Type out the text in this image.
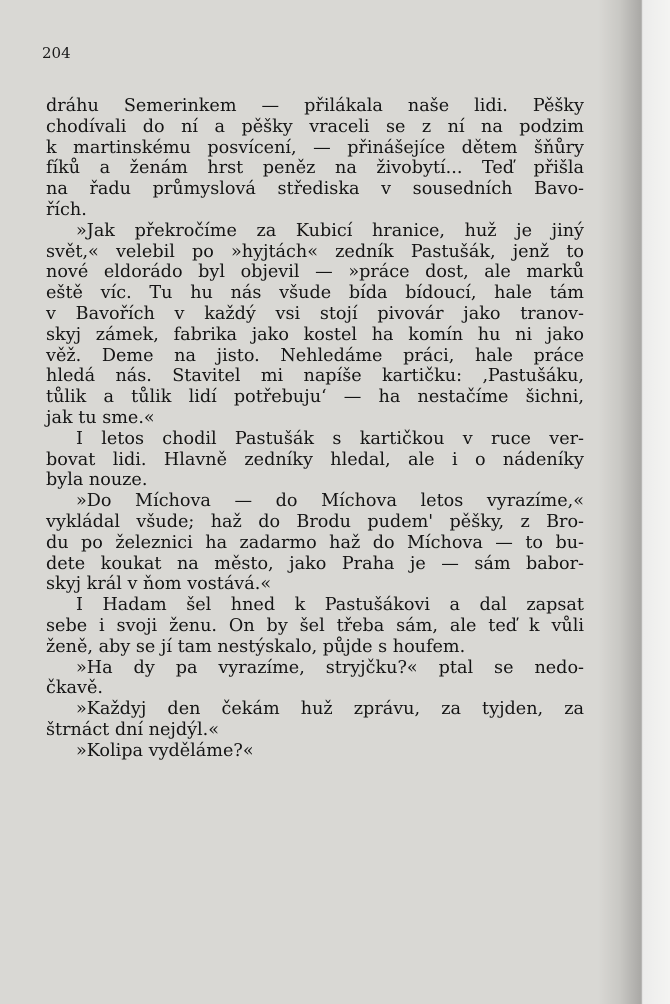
204
dráhu Semerinkem — přilákala naše lidi. Pěšky
chodívali do ní a pěšky vraceli se z ní na podzim
k martinskému posvícení, — přinášejíce dětem šňůry
fíků a ženám hrst peněz na živobytí... Teď přišla
na řadu průmyslová střediska v sousedních Bavo-
řích.
»Jak překročíme za Kubicí hranice, huž je jiný
svět,« velebil po »hyjtách« zedník Pastušák, jenž to
nové eldorádo byl objevil — »práce dost, ale marků
eště víc. Tu hu nás všude bída bídoucí, hale tám
v Bavořích v každý vsi stojí pivovár jako tranov-
skyj zámek, fabrika jako kostel ha komín hu ni jako
věž. Deme na jisto. Nehledáme práci, hale práce
hledá nás. Stavitel mi napíše kartičku: ‚Pastušáku,
tůlik a tůlik lidí potřebuju‘ — ha nestačíme šichni,
jak tu sme.«
I letos chodil Pastušák s kartičkou v ruce ver-
bovat lidi. Hlavně zedníky hledal, ale i o nádeníky
byla nouze.
»Do Míchova — do Míchova letos vyrazíme,«
vykládal všude; haž do Brodu pudem' pěšky, z Bro-
du po železnici ha zadarmo haž do Míchova — to bu-
dete koukat na město, jako Praha je — sám babor-
skyj král v ňom vostává.«
I Hadam šel hned k Pastušákovi a dal zapsat
sebe i svoji ženu. On by šel třeba sám, ale teď k vůli
ženě, aby se jí tam nestýskalo, půjde s houfem.
»Ha dy pa vyrazíme, stryjčku?« ptal se nedo-
čkavě.
»Každyj den čekám huž zprávu, za tyjden, za
štrnáct dní nejdýl.«
»Kolipa vyděláme?«
